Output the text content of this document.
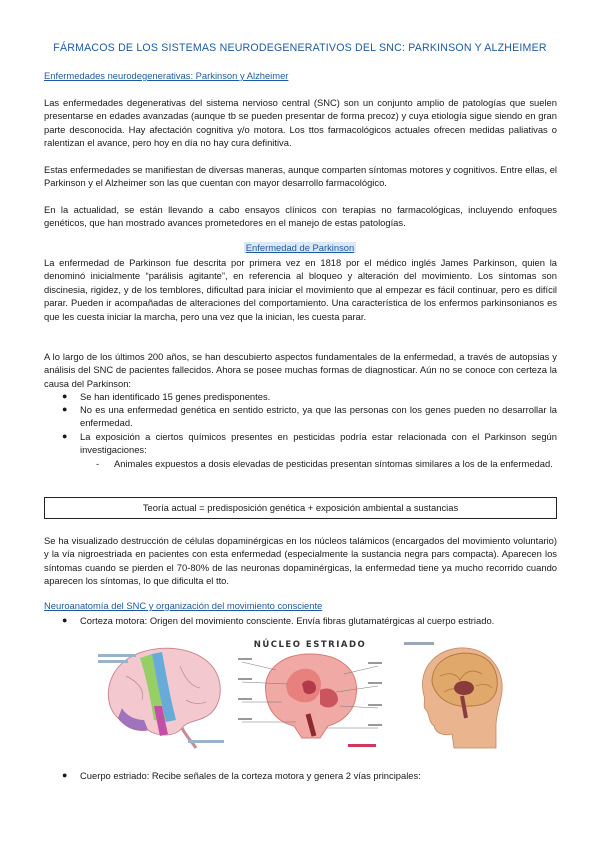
FÁRMACOS DE LOS SISTEMAS NEURODEGENERATIVOS DEL SNC: PARKINSON Y ALZHEIMER
Enfermedades neurodegenerativas: Parkinson y Alzheimer
Las enfermedades degenerativas del sistema nervioso central (SNC) son un conjunto amplio de patologías que suelen presentarse en edades avanzadas (aunque tb se pueden presentar de forma precoz) y cuya etiología sigue siendo en gran parte desconocida. Hay afectación cognitiva y/o motora. Los ttos farmacológicos actuales ofrecen medidas paliativas o ralentizan el avance, pero hoy en día no hay cura definitiva.
Estas enfermedades se manifiestan de diversas maneras, aunque comparten síntomas motores y cognitivos. Entre ellas, el Parkinson y el Alzheimer son las que cuentan con mayor desarrollo farmacológico.
En la actualidad, se están llevando a cabo ensayos clínicos con terapias no farmacológicas, incluyendo enfoques genéticos, que han mostrado avances prometedores en el manejo de estas patologías.
Enfermedad de Parkinson
La enfermedad de Parkinson fue descrita por primera vez en 1818 por el médico inglés James Parkinson, quien la denominó inicialmente “parálisis agitante”, en referencia al bloqueo y alteración del movimiento. Los síntomas son discinesia, rigidez, y de los temblores, dificultad para iniciar el movimiento que al empezar es fácil continuar, pero es difícil parar. Pueden ir acompañadas de alteraciones del comportamiento. Una característica de los enfermos parkinsonianos es que les cuesta iniciar la marcha, pero una vez que la inician, les cuesta parar.
A lo largo de los últimos 200 años, se han descubierto aspectos fundamentales de la enfermedad, a través de autopsias y análisis del SNC de pacientes fallecidos. Ahora se posee muchas formas de diagnosticar. Aún no se conoce con certeza la causa del Parkinson:
● Se han identificado 15 genes predisponentes.
● No es una enfermedad genética en sentido estricto, ya que las personas con los genes pueden no desarrollar la enfermedad.
● La exposición a ciertos químicos presentes en pesticidas podría estar relacionada con el Parkinson según investigaciones:
- Animales expuestos a dosis elevadas de pesticidas presentan síntomas similares a los de la enfermedad.
Teoría actual = predisposición genética + exposición ambiental a sustancias
Se ha visualizado destrucción de células dopaminérgicas en los núcleos talámicos (encargados del movimiento voluntario) y la vía nigroestriada en pacientes con esta enfermedad (especialmente la sustancia negra pars compacta). Aparecen los síntomas cuando se pierden el 70-80% de las neuronas dopaminérgicas, la enfermedad tiene ya mucho recorrido cuando aparecen los síntomas, lo que dificulta el tto.
Neuroanatomía del SNC y organización del movimiento consciente
● Corteza motora: Origen del movimiento consciente. Envía fibras glutamatérgicas al cuerpo estriado.
NÚCLEO ESTRIADO
● Cuerpo estriado: Recibe señales de la corteza motora y genera 2 vías principales:
